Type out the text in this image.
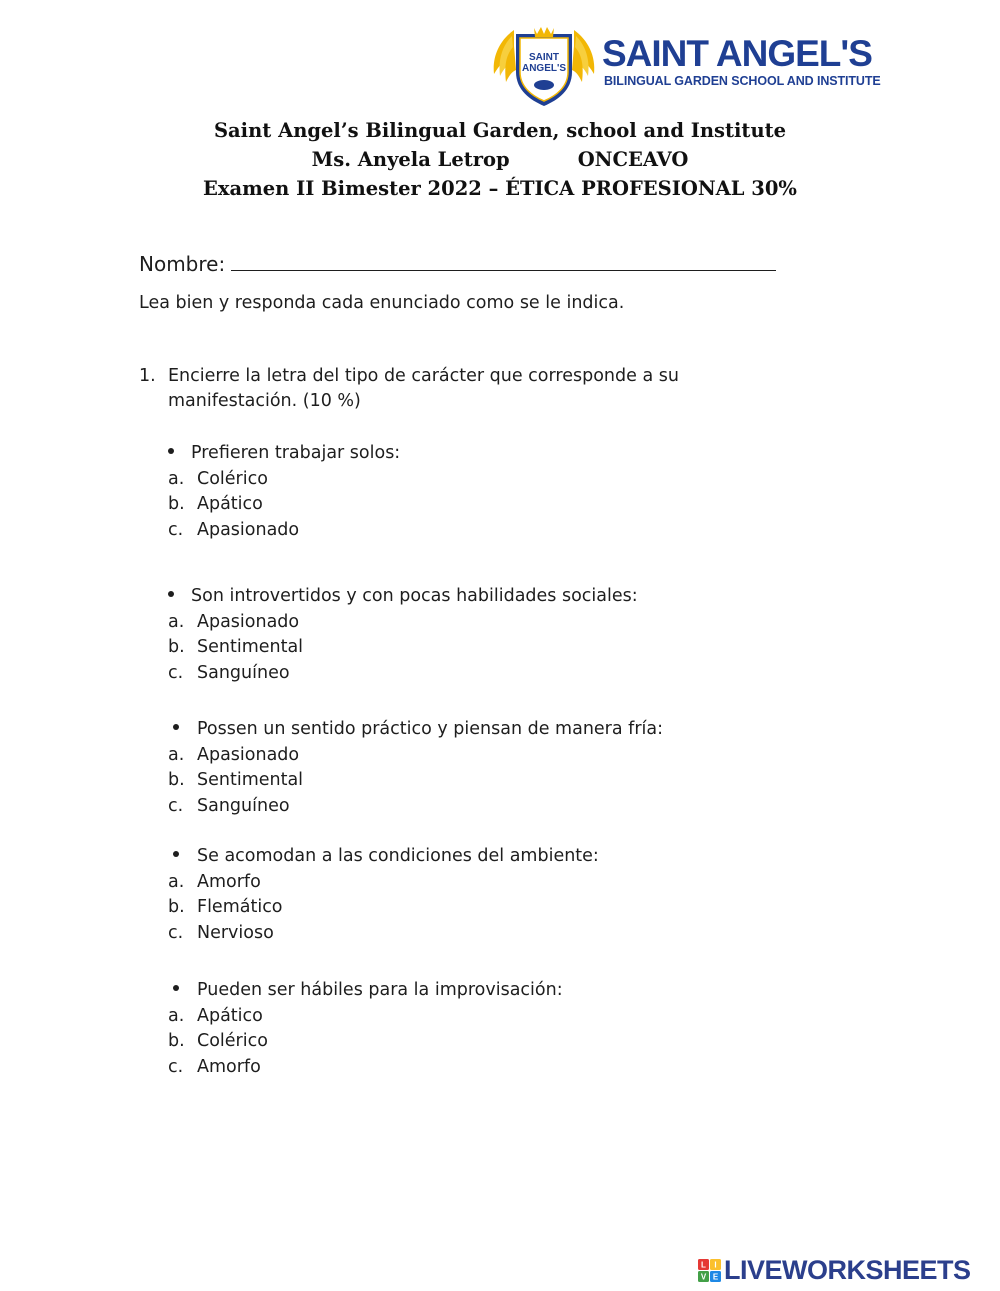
SAINT
ANGEL'S SAINT ANGEL'S
BILINGUAL GARDEN SCHOOL AND INSTITUTE
Saint Angel’s Bilingual Garden, school and Institute
Ms. Anyela Letrop	ONCEAVO
Examen II Bimester 2022 – ÉTICA PROFESIONAL 30%
Nombre:
Lea bien y responda cada enunciado como se le indica.
1. Encierre la letra del tipo de carácter que corresponde a su manifestación. (10 %)
Prefieren trabajar solos:
a. Colérico
b. Apático
c. Apasionado
Son introvertidos y con pocas habilidades sociales:
a. Apasionado
b. Sentimental
c. Sanguíneo
Possen un sentido práctico y piensan de manera fría:
a. Apasionado
b. Sentimental
c. Sanguíneo
Se acomodan a las condiciones del ambiente:
a. Amorfo
b. Flemático
c. Nervioso
Pueden ser hábiles para la improvisación:
a. Apático
b. Colérico
c. Amorfo
L I
V E LIVEWORKSHEETS
